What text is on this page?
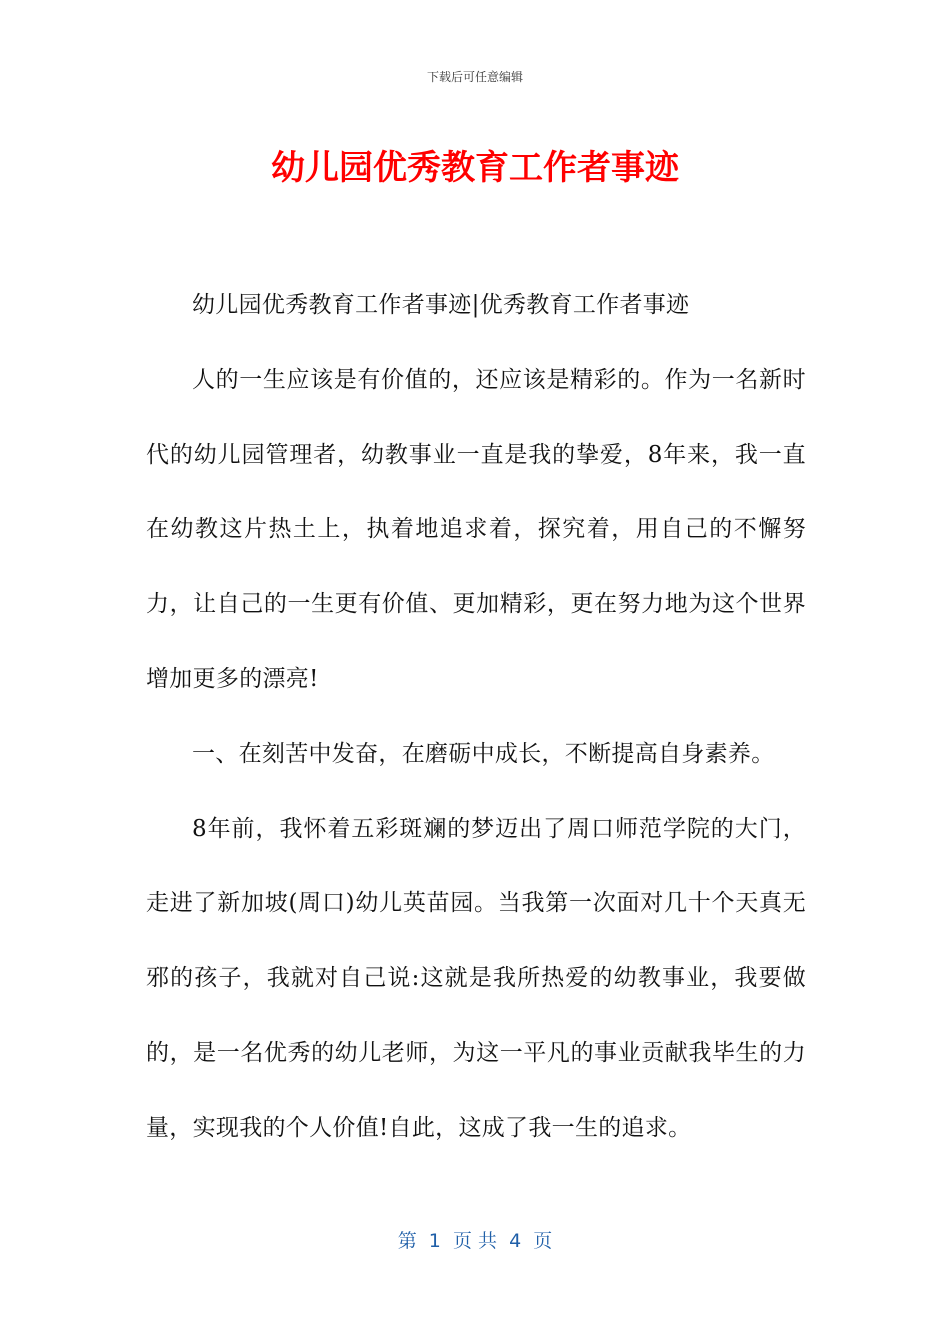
下载后可任意编辑
幼儿园优秀教育工作者事迹

幼儿园优秀教育工作者事迹|优秀教育工作者事迹

人的一生应该是有价值的，还应该是精彩的。作为一名新时代的幼儿园管理者，幼教事业一直是我的挚爱，8年来，我一直在幼教这片热土上，执着地追求着，探究着，用自己的不懈努力，让自己的一生更有价值、更加精彩，更在努力地为这个世界增加更多的漂亮!

一、在刻苦中发奋，在磨砺中成长，不断提高自身素养。

8年前，我怀着五彩斑斓的梦迈出了周口师范学院的大门，走进了新加坡(周口)幼儿英苗园。当我第一次面对几十个天真无邪的孩子，我就对自己说:这就是我所热爱的幼教事业，我要做的，是一名优秀的幼儿老师，为这一平凡的事业贡献我毕生的力量，实现我的个人价值!自此，这成了我一生的追求。

第  1  页 共  4  页
